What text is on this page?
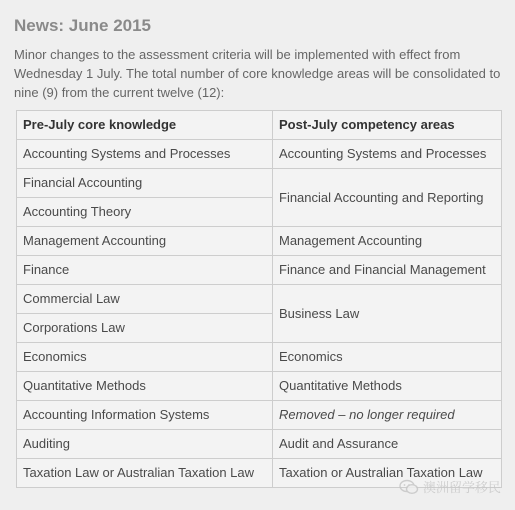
News: June 2015
Minor changes to the assessment criteria will be implemented with effect from Wednesday 1 July. The total number of core knowledge areas will be consolidated to nine (9) from the current twelve (12):
Pre-July core knowledge	Post-July competency areas
Accounting Systems and Processes	Accounting Systems and Processes
Financial Accounting	Financial Accounting and Reporting
Accounting Theory	
Management Accounting	Management Accounting
Finance	Finance and Financial Management
Commercial Law	Business Law
Corporations Law	
Economics	Economics
Quantitative Methods	Quantitative Methods
Accounting Information Systems	Removed – no longer required
Auditing	Audit and Assurance
Taxation Law or Australian Taxation Law	Taxation or Australian Taxation Law
澳洲留学移民
